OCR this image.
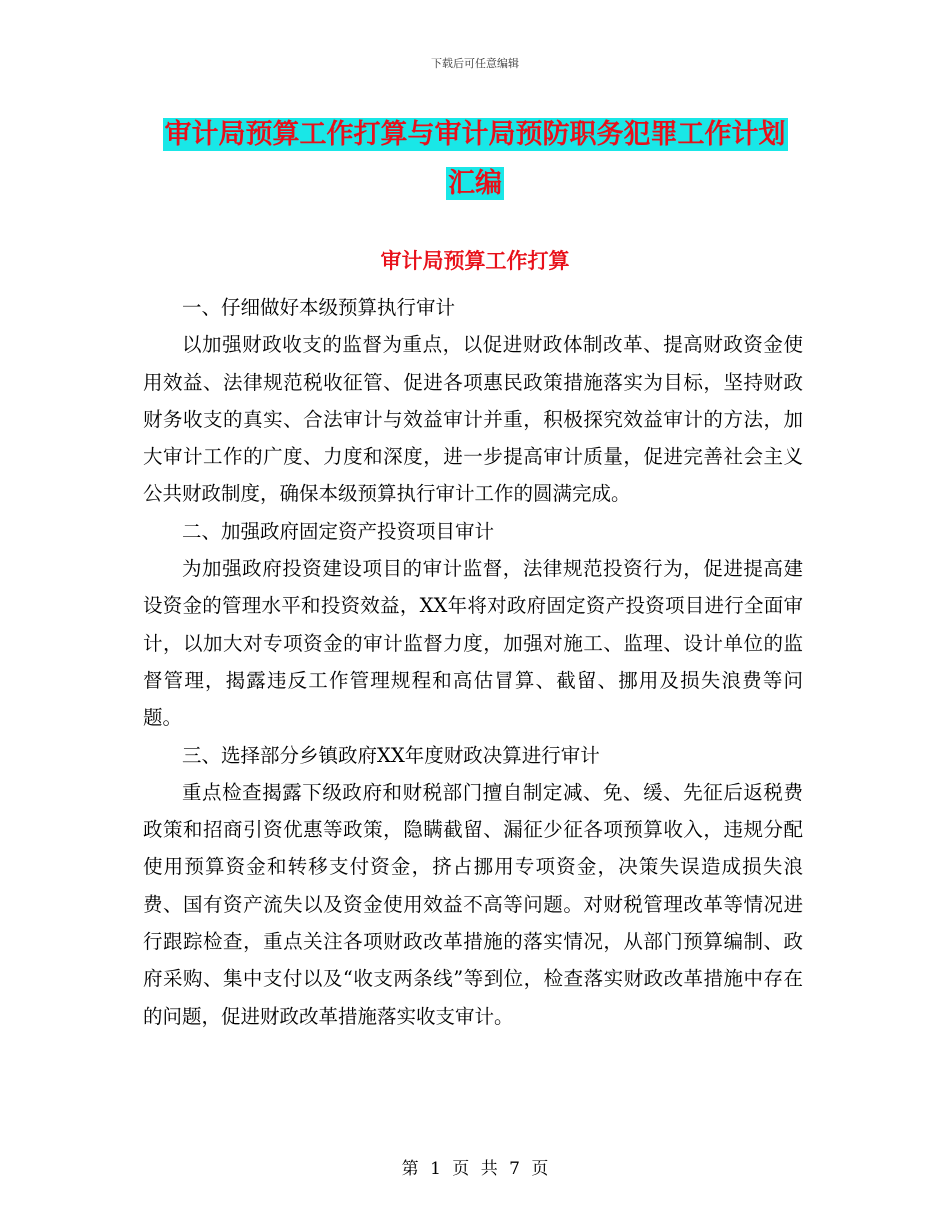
下载后可任意编辑
审计局预算工作打算与审计局预防职务犯罪工作计划
汇编
审计局预算工作打算

一、仔细做好本级预算执行审计

以加强财政收支的监督为重点，以促进财政体制改革、提高财政资金使用效益、法律规范税收征管、促进各项惠民政策措施落实为目标，坚持财政财务收支的真实、合法审计与效益审计并重，积极探究效益审计的方法，加大审计工作的广度、力度和深度，进一步提高审计质量，促进完善社会主义公共财政制度，确保本级预算执行审计工作的圆满完成。

二、加强政府固定资产投资项目审计

为加强政府投资建设项目的审计监督，法律规范投资行为，促进提高建设资金的管理水平和投资效益，XX年将对政府固定资产投资项目进行全面审计，以加大对专项资金的审计监督力度，加强对施工、监理、设计单位的监督管理，揭露违反工作管理规程和高估冒算、截留、挪用及损失浪费等问题。

三、选择部分乡镇政府XX年度财政决算进行审计

重点检查揭露下级政府和财税部门擅自制定减、免、缓、先征后返税费政策和招商引资优惠等政策，隐瞒截留、漏征少征各项预算收入，违规分配使用预算资金和转移支付资金，挤占挪用专项资金，决策失误造成损失浪费、国有资产流失以及资金使用效益不高等问题。对财税管理改革等情况进行跟踪检查，重点关注各项财政改革措施的落实情况，从部门预算编制、政府采购、集中支付以及“收支两条线”等到位，检查落实财政改革措施中存在的问题，促进财政改革措施落实收支审计。

第 1 页 共 7 页
